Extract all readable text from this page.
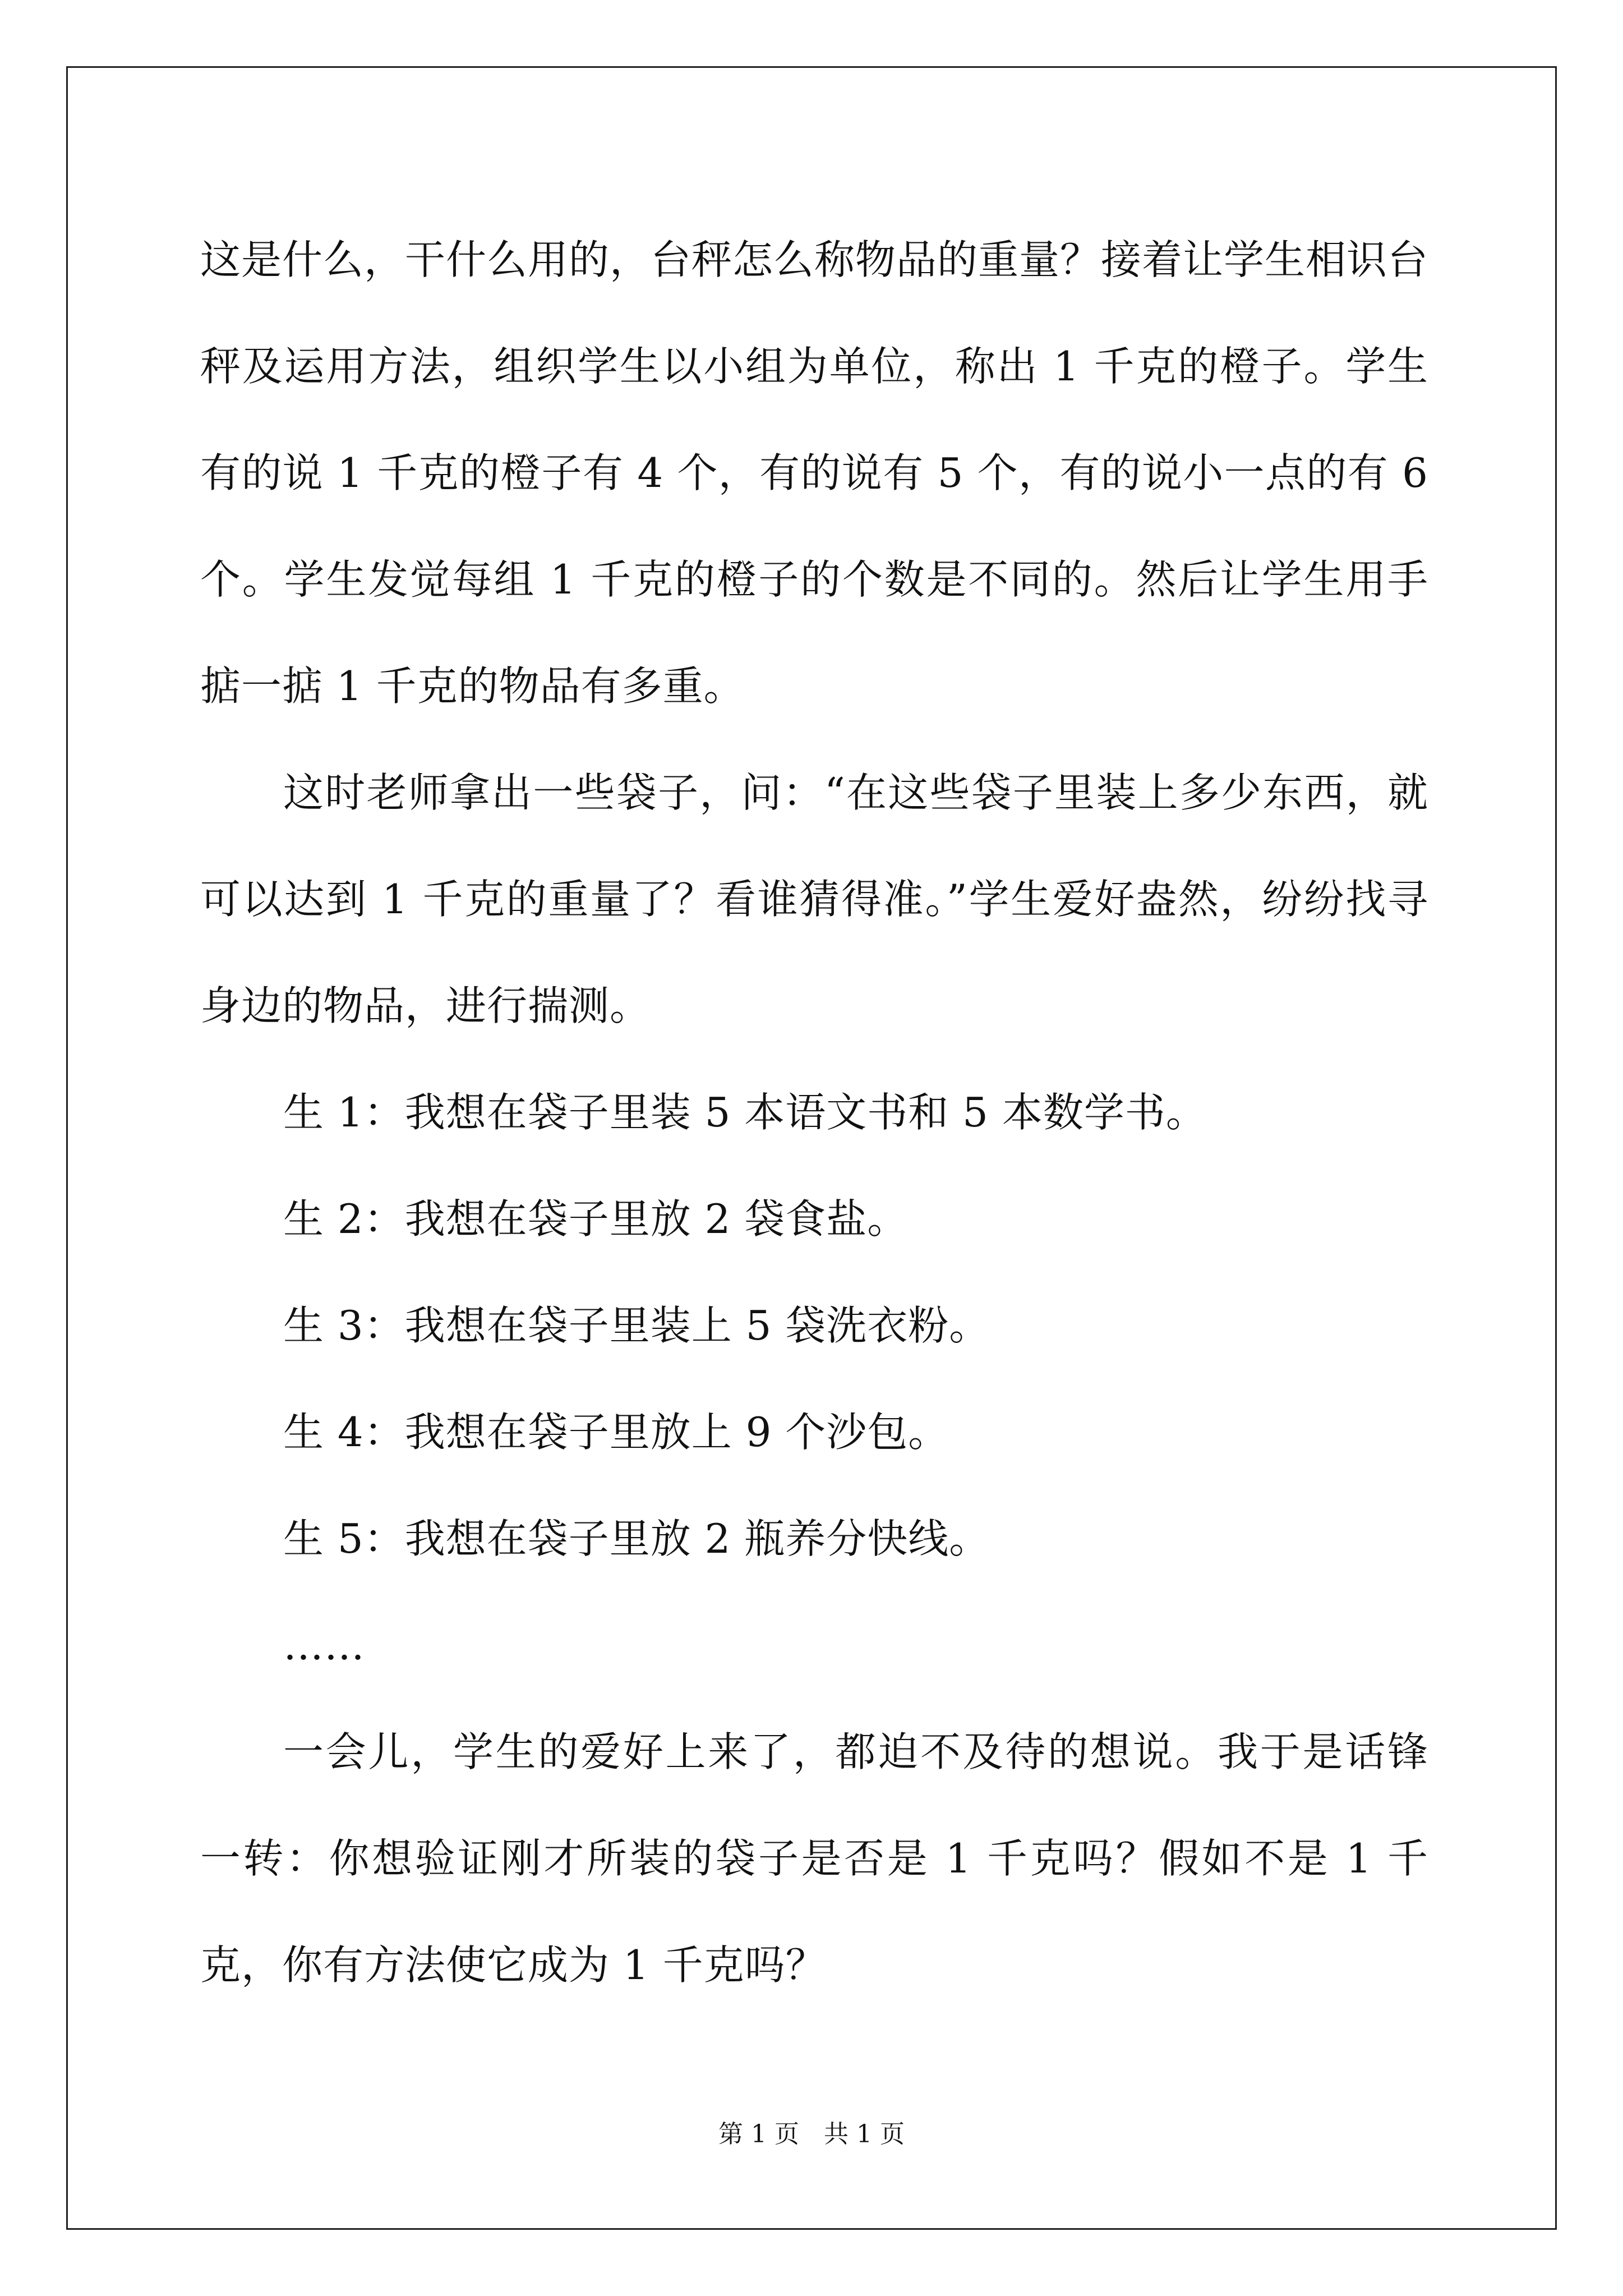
这是什么，干什么用的，台秤怎么称物品的重量？接着让学生相识台秤及运用方法，组织学生以小组为单位，称出 1 千克的橙子。学生有的说 1 千克的橙子有 4 个，有的说有 5 个，有的说小一点的有 6 个。学生发觉每组 1 千克的橙子的个数是不同的。然后让学生用手掂一掂 1 千克的物品有多重。

这时老师拿出一些袋子，问：“在这些袋子里装上多少东西，就可以达到 1 千克的重量了？看谁猜得准。”学生爱好盎然，纷纷找寻身边的物品，进行揣测。

生 1：我想在袋子里装 5 本语文书和 5 本数学书。

生 2：我想在袋子里放 2 袋食盐。

生 3：我想在袋子里装上 5 袋洗衣粉。

生 4：我想在袋子里放上 9 个沙包。

生 5：我想在袋子里放 2 瓶养分快线。

……

一会儿，学生的爱好上来了，都迫不及待的想说。我于是话锋一转：你想验证刚才所装的袋子是否是 1 千克吗？假如不是 1 千克，你有方法使它成为 1 千克吗？

第 1 页　共 1 页
